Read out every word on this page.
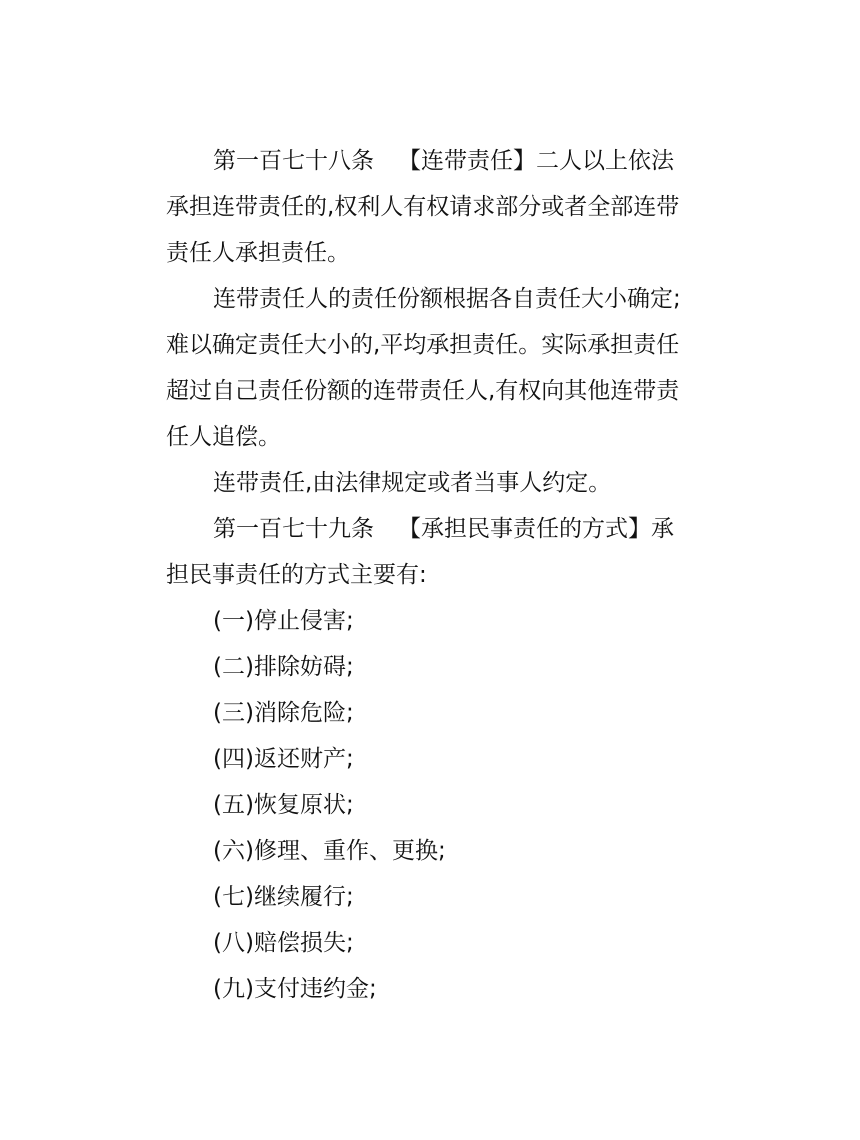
第一百七十八条 【连带责任】二人以上依法承担连带责任的,权利人有权请求部分或者全部连带责任人承担责任。

连带责任人的责任份额根据各自责任大小确定;难以确定责任大小的,平均承担责任。实际承担责任超过自己责任份额的连带责任人,有权向其他连带责任人追偿。

连带责任,由法律规定或者当事人约定。

第一百七十九条 【承担民事责任的方式】承担民事责任的方式主要有:

(一)停止侵害;

(二)排除妨碍;

(三)消除危险;

(四)返还财产;

(五)恢复原状;

(六)修理、重作、更换;

(七)继续履行;

(八)赔偿损失;

(九)支付违约金;
